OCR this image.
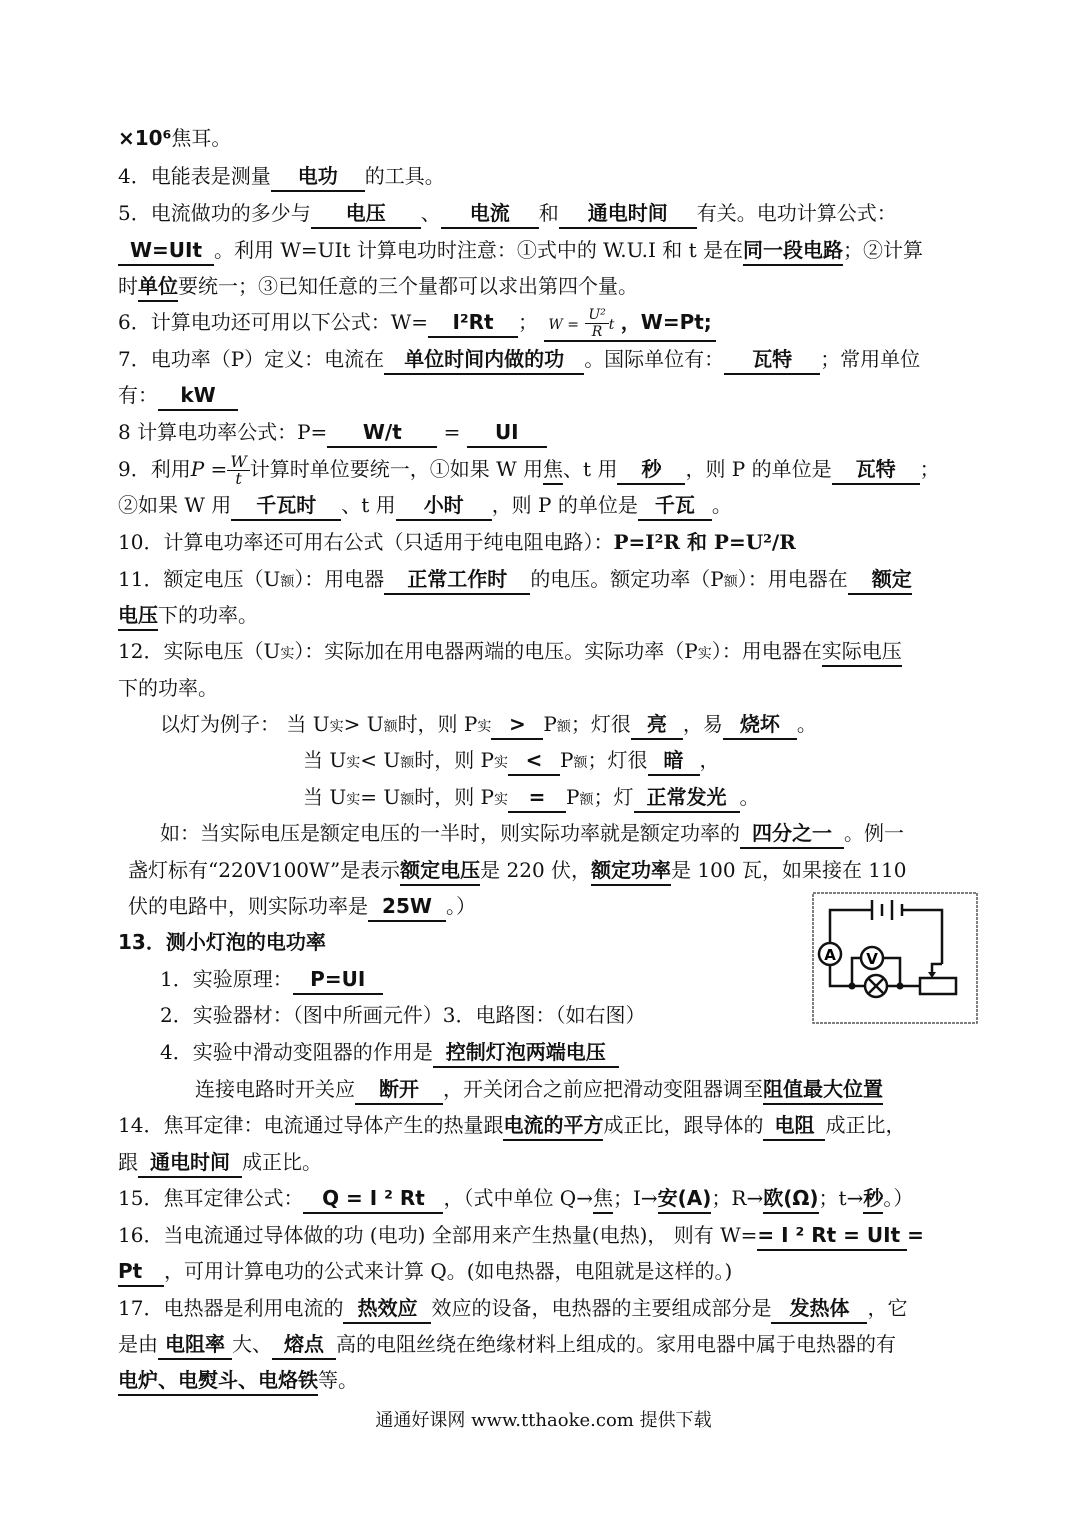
×10⁶焦耳。
4．电能表是测量 电功 的工具。
5．电流做功的多少与 电压 、 电流 和 通电时间 有关。电功计算公式：
W=UIt 。利用 W=UIt 计算电功时注意：①式中的 W.U.I 和 t 是在同一段电路；②计算
时单位要统一；③已知任意的三个量都可以求出第四个量。
6．计算电功还可用以下公式：W= I²Rt ； $W = \frac{\text{U²}}{R}$ t ，W=Pt;
7．电功率（P）定义：电流在 单位时间内做的功 。国际单位有： 瓦特 ；常用单位
有： kW
8 计算电功率公式：P= W/t = UI
9．利用$P = \frac{W}{t}$ 计算时单位要统一，①如果 W 用焦、t 用 秒 ，则 P 的单位是 瓦特 ；
②如果 W 用 千瓦时 、t 用 小时 ，则 P 的单位是 千瓦 。
10．计算电功率还可用右公式（只适用于纯电阻电路）：P=I²R 和 P=U²/R
11．额定电压（U额）：用电器 正常工作时 的电压。额定功率（P额）：用电器在 额定
电压下的功率。
12．实际电压（U实）：实际加在用电器两端的电压。实际功率（P实）：用电器在实际电压
下的功率。
以灯为例子： 当 U实> U额时，则 P实 > P额；灯很 亮 ，易 烧坏 。
当 U实< U额时，则 P实 < P额；灯很 暗 ，
当 U实= U额时，则 P实 = P额；灯 正常发光 。
如：当实际电压是额定电压的一半时，则实际功率就是额定功率的 四分之一 。例一
盏灯标有“220V100W”是表示额定电压是 220 伏，额定功率是 100 瓦，如果接在 110
伏的电路中，则实际功率是 25W 。）
13．测小灯泡的电功率
1．实验原理： P=UI
2．实验器材：（图中所画元件）3．电路图：（如右图）
4．实验中滑动变阻器的作用是 控制灯泡两端电压
连接电路时开关应 断开 ，开关闭合之前应把滑动变阻器调至阻值最大位置
14．焦耳定律：电流通过导体产生的热量跟电流的平方成正比，跟导体的 电阻 成正比，
跟 通电时间 成正比。
15．焦耳定律公式： Q = I ² Rt ，（式中单位 Q→焦；I→安(A)；R→欧(Ω)；t→秒。）
16．当电流通过导体做的功 (电功) 全部用来产生热量(电热)， 则有 W== I ² Rt = UIt =
Pt ，可用计算电功的公式来计算 Q。(如电热器，电阻就是这样的。)
17．电热器是利用电流的 热效应 效应的设备，电热器的主要组成部分是 发热体 ，它
是由 电阻率 大、 熔点 高的电阻丝绕在绝缘材料上组成的。家用电器中属于电热器的有
电炉、电熨斗、电烙铁等。
A V
通通好课网 www.tthaoke.com 提供下载
